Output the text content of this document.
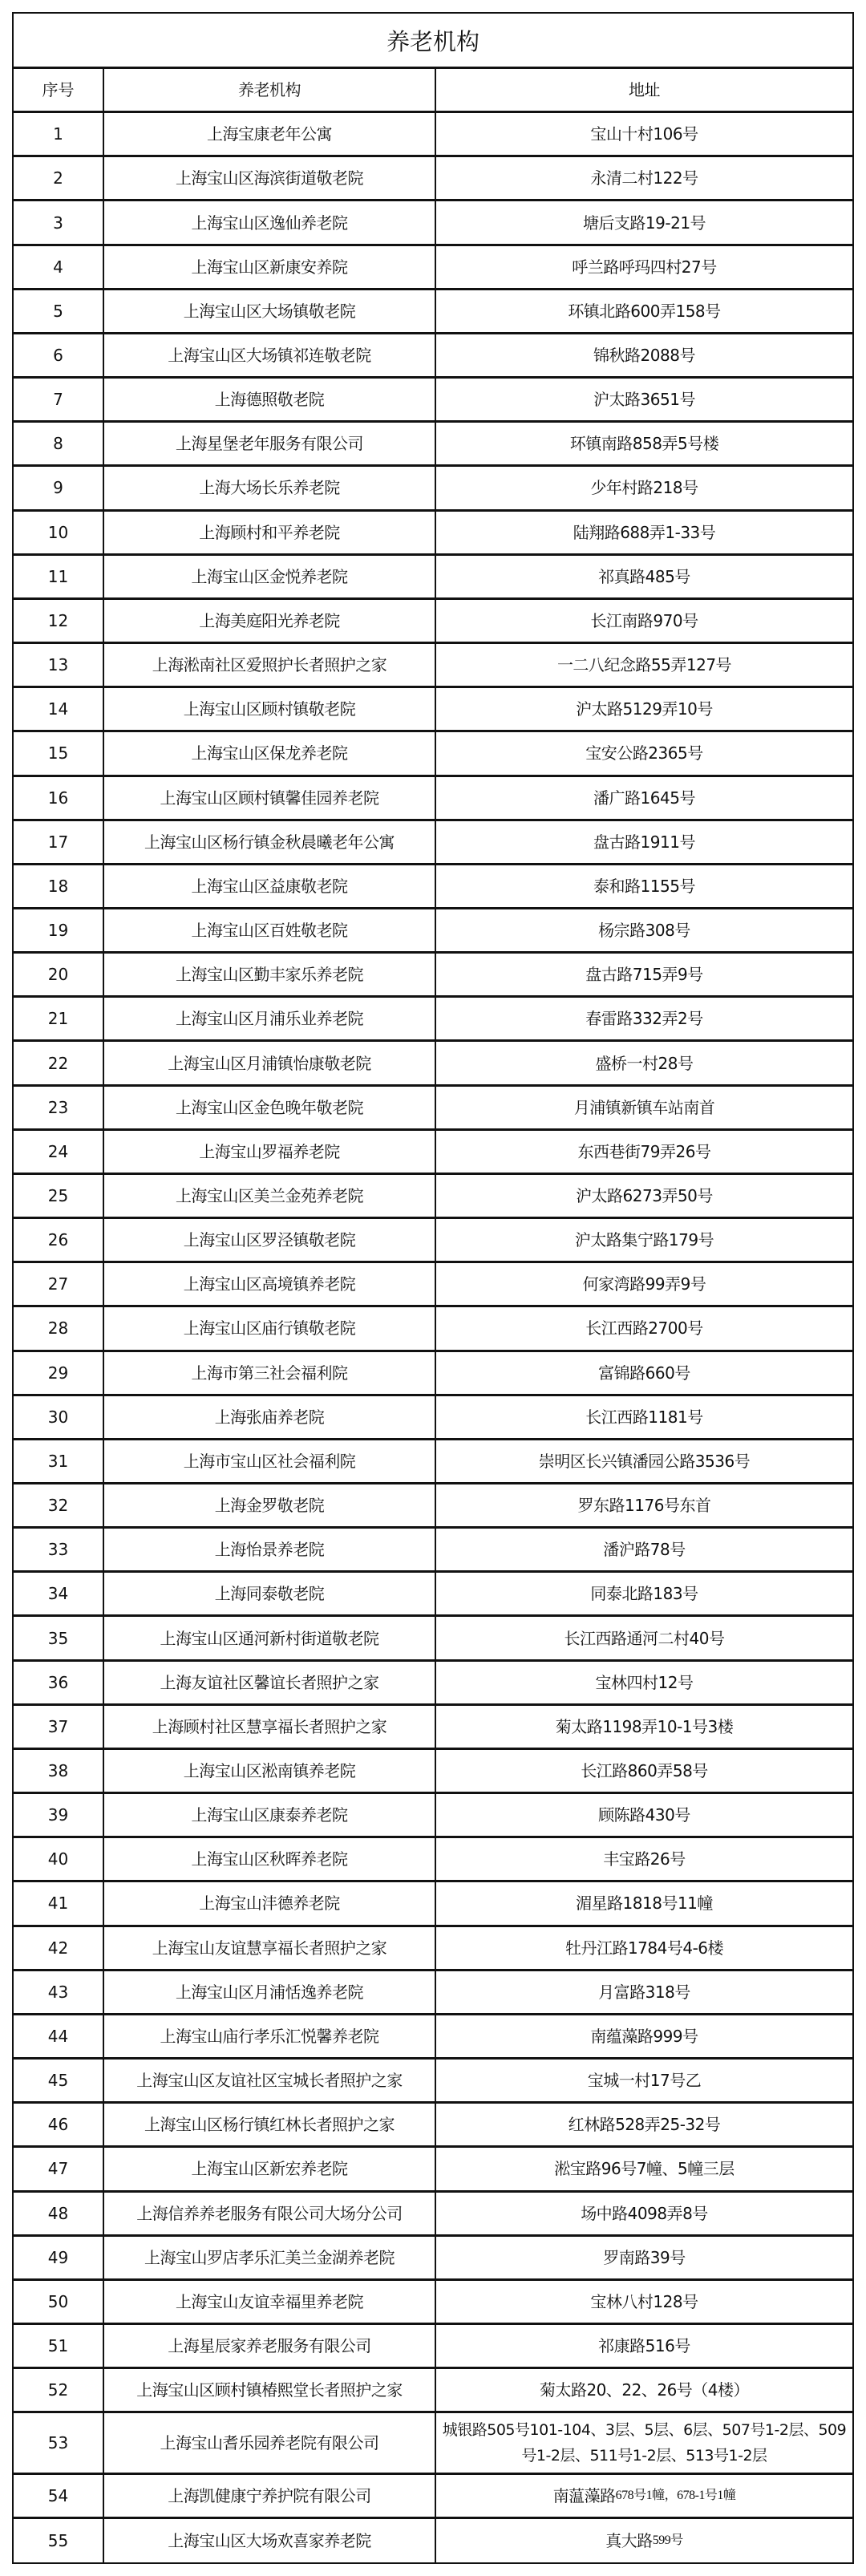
养老机构
序号	养老机构	地址
1	上海宝康老年公寓	宝山十村106号
2	上海宝山区海滨街道敬老院	永清二村122号
3	上海宝山区逸仙养老院	塘后支路19-21号
4	上海宝山区新康安养院	呼兰路呼玛四村27号
5	上海宝山区大场镇敬老院	环镇北路600弄158号
6	上海宝山区大场镇祁连敬老院	锦秋路2088号
7	上海德照敬老院	沪太路3651号
8	上海星堡老年服务有限公司	环镇南路858弄5号楼
9	上海大场长乐养老院	少年村路218号
10	上海顾村和平养老院	陆翔路688弄1-33号
11	上海宝山区金悦养老院	祁真路485号
12	上海美庭阳光养老院	长江南路970号
13	上海淞南社区爱照护长者照护之家	一二八纪念路55弄127号
14	上海宝山区顾村镇敬老院	沪太路5129弄10号
15	上海宝山区保龙养老院	宝安公路2365号
16	上海宝山区顾村镇馨佳园养老院	潘广路1645号
17	上海宝山区杨行镇金秋晨曦老年公寓	盘古路1911号
18	上海宝山区益康敬老院	泰和路1155号
19	上海宝山区百姓敬老院	杨宗路308号
20	上海宝山区勤丰家乐养老院	盘古路715弄9号
21	上海宝山区月浦乐业养老院	春雷路332弄2号
22	上海宝山区月浦镇怡康敬老院	盛桥一村28号
23	上海宝山区金色晚年敬老院	月浦镇新镇车站南首
24	上海宝山罗福养老院	东西巷街79弄26号
25	上海宝山区美兰金苑养老院	沪太路6273弄50号
26	上海宝山区罗泾镇敬老院	沪太路集宁路179号
27	上海宝山区高境镇养老院	何家湾路99弄9号
28	上海宝山区庙行镇敬老院	长江西路2700号
29	上海市第三社会福利院	富锦路660号
30	上海张庙养老院	长江西路1181号
31	上海市宝山区社会福利院	崇明区长兴镇潘园公路3536号
32	上海金罗敬老院	罗东路1176号东首
33	上海怡景养老院	潘沪路78号
34	上海同泰敬老院	同泰北路183号
35	上海宝山区通河新村街道敬老院	长江西路通河二村40号
36	上海友谊社区馨谊长者照护之家	宝林四村12号
37	上海顾村社区慧享福长者照护之家	菊太路1198弄10-1号3楼
38	上海宝山区淞南镇养老院	长江路860弄58号
39	上海宝山区康泰养老院	顾陈路430号
40	上海宝山区秋晖养老院	丰宝路26号
41	上海宝山沣德养老院	湄星路1818号11幢
42	上海宝山友谊慧享福长者照护之家	牡丹江路1784号4-6楼
43	上海宝山区月浦恬逸养老院	月富路318号
44	上海宝山庙行孝乐汇悦馨养老院	南蕴藻路999号
45	上海宝山区友谊社区宝城长者照护之家	宝城一村17号乙
46	上海宝山区杨行镇红林长者照护之家	红林路528弄25-32号
47	上海宝山区新宏养老院	淞宝路96号7幢、5幢三层
48	上海信养养老服务有限公司大场分公司	场中路4098弄8号
49	上海宝山罗店孝乐汇美兰金湖养老院	罗南路39号
50	上海宝山友谊幸福里养老院	宝林八村128号
51	上海星辰家养老服务有限公司	祁康路516号
52	上海宝山区顾村镇椿熙堂长者照护之家	菊太路20、22、26号（4楼）
53	上海宝山耆乐园养老院有限公司
城银路505号101-104、3层、5层、6层、507号1-2层、509号1-2层、511号1-2层、513号1-2层
54	上海凯健康宁养护院有限公司	南蕰藻路 678号1幢，678-1号1幢
55	上海宝山区大场欢喜家养老院	真大路 599号
